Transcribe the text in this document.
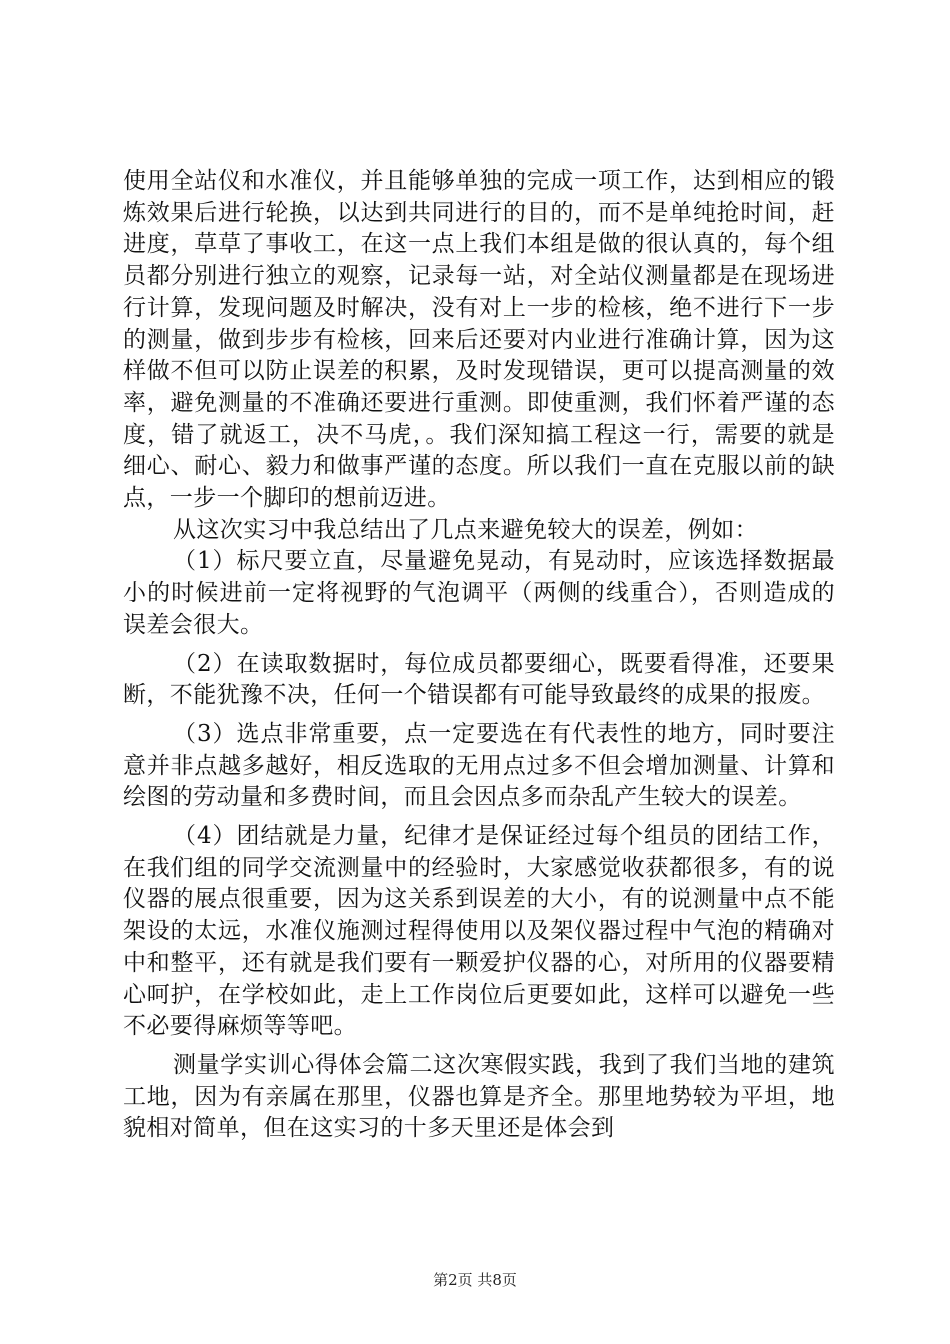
使用全站仪和水准仪，并且能够单独的完成一项工作，达到相应的锻炼效果后进行轮换，以达到共同进行的目的，而不是单纯抢时间，赶进度，草草了事收工，在这一点上我们本组是做的很认真的，每个组员都分别进行独立的观察，记录每一站，对全站仪测量都是在现场进行计算，发现问题及时解决，没有对上一步的检核，绝不进行下一步的测量，做到步步有检核，回来后还要对内业进行准确计算，因为这样做不但可以防止误差的积累，及时发现错误，更可以提高测量的效率，避免测量的不准确还要进行重测。即使重测，我们怀着严谨的态度，错了就返工，决不马虎，。我们深知搞工程这一行，需要的就是细心、耐心、毅力和做事严谨的态度。所以我们一直在克服以前的缺点，一步一个脚印的想前迈进。

从这次实习中我总结出了几点来避免较大的误差，例如：

（1）标尺要立直，尽量避免晃动，有晃动时，应该选择数据最小的时候进前一定将视野的气泡调平（两侧的线重合），否则造成的误差会很大。

（2）在读取数据时，每位成员都要细心，既要看得准，还要果断，不能犹豫不决，任何一个错误都有可能导致最终的成果的报废。

（3）选点非常重要，点一定要选在有代表性的地方，同时要注意并非点越多越好，相反选取的无用点过多不但会增加测量、计算和绘图的劳动量和多费时间，而且会因点多而杂乱产生较大的误差。

（4）团结就是力量，纪律才是保证经过每个组员的团结工作，在我们组的同学交流测量中的经验时，大家感觉收获都很多，有的说仪器的展点很重要，因为这关系到误差的大小，有的说测量中点不能架设的太远，水准仪施测过程得使用以及架仪器过程中气泡的精确对中和整平，还有就是我们要有一颗爱护仪器的心，对所用的仪器要精心呵护，在学校如此，走上工作岗位后更要如此，这样可以避免一些不必要得麻烦等等吧。

测量学实训心得体会篇二这次寒假实践，我到了我们当地的建筑工地，因为有亲属在那里，仪器也算是齐全。那里地势较为平坦，地貌相对简单，但在这实习的十多天里还是体会到

第2页 共8页
